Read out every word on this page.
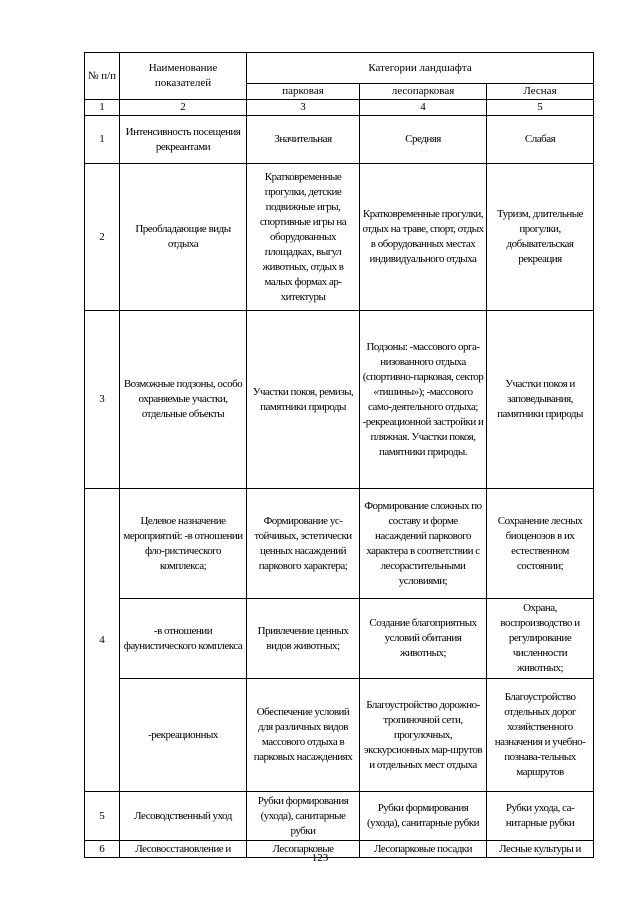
№ п/п	Наименование показателей	Категории ландшафта		
		парковая	лесопарковая	Лесная
1	2	3	4	5
1	Интенсивность посещения рекреантами	Значительная	Средняя	Слабая
2	Преобладающие виды отдыха	Кратковременные прогулки, детские подвижные игры, спортивные игры на оборудованных площадках, выгул животных, отдых в малых формах ар-хитектуры	Кратковременные прогулки, отдых на траве, спорт, отдых в оборудованных местах индивидуального отдыха	Туризм, длительные прогулки, добывательская рекреация
3	Возможные подзоны, особо охраняемые участки, отдельные объекты	Участки покоя, ремизы, памятники природы	Подзоны: -массового орга-низованного отдыха (спортивно-парковая, сектор «тишины»); -массового само-деятельного отдыха; -рекреационной застройки и пляжная. Участки покоя, памятники природы.	Участки покоя и заповедывания, памятники природы
4	Целевое назначение мероприятий: -в отношении фло-ристического комплекса;	Формирование ус-тойчивых, эстетически ценных насаждений паркового характера;	Формирование сложных по составу и форме насаждений паркового характера в соответствии с лесорастительными условиями;	Сохранение лесных биоценозов в их естественном состоянии;
	-в отношении фаунистического комплекса	Привлечение ценных видов животных;	Создание благоприятных условий обитания животных;	Охрана, воспроизводство и регулирование численности животных;
	-рекреационных	Обеспечение условий для различных видов массового отдыха в парковых насаждениях	Благоустройство дорожно-тропиночной сети, прогулочных, экскурсионных мар-шрутов и отдельных мест отдыха	Благоустройство отдельных дорог хозяйственного назначения и учебно-познава-тельных маршрутов
5	Лесоводственный уход	Рубки формирования (ухода), санитарные рубки	Рубки формирования (ухода), санитарные рубки	Рубки ухода, са-нитарные рубки
6	Лесовосстановление и	Лесопарковые	Лесопарковые посадки	Лесные культуры и
123
